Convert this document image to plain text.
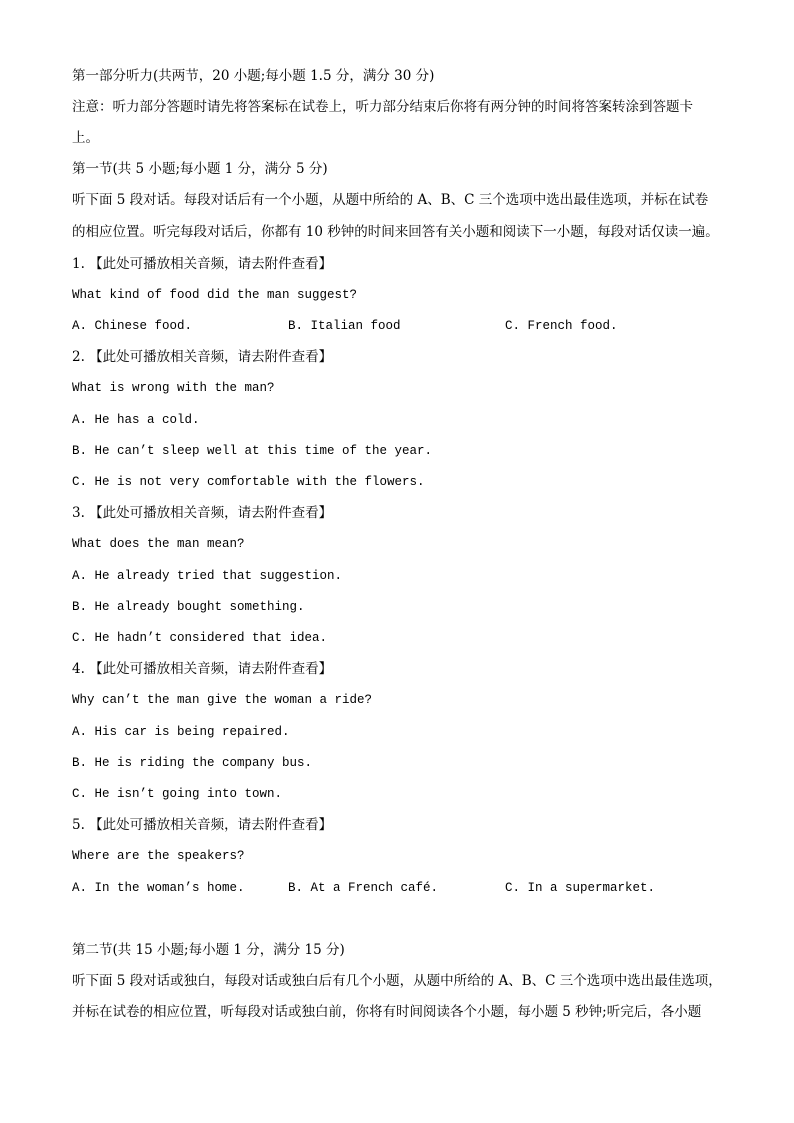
第一部分听力(共两节，20 小题;每小题 1.5 分，满分 30 分)
注意：听力部分答题时请先将答案标在试卷上，听力部分结束后你将有两分钟的时间将答案转涂到答题卡
上。
第一节(共 5 小题;每小题 1 分，满分 5 分)
听下面 5 段对话。每段对话后有一个小题，从题中所给的 A、B、C 三个选项中选出最佳选项，并标在试卷
的相应位置。听完每段对话后，你都有 10 秒钟的时间来回答有关小题和阅读下一小题，每段对话仅读一遍。
1. 【此处可播放相关音频，请去附件查看】
What kind of food did the man suggest?
A. Chinese food.	B. Italian food	C. French food.
2. 【此处可播放相关音频，请去附件查看】
What is wrong with the man?
A. He has a cold.
B. He can’t sleep well at this time of the year.
C. He is not very comfortable with the flowers.
3. 【此处可播放相关音频，请去附件查看】
What does the man mean?
A. He already tried that suggestion.
B. He already bought something.
C. He hadn’t considered that idea.
4. 【此处可播放相关音频，请去附件查看】
Why can’t the man give the woman a ride?
A. His car is being repaired.
B. He is riding the company bus.
C. He isn’t going into town.
5. 【此处可播放相关音频，请去附件查看】
Where are the speakers?
A. In the woman’s home.	B. At a French café.	C. In a supermarket.
第二节(共 15 小题;每小题 1 分，满分 15 分)
听下面 5 段对话或独白，每段对话或独白后有几个小题，从题中所给的 A、B、C 三个选项中选出最佳选项，
并标在试卷的相应位置，听每段对话或独白前，你将有时间阅读各个小题，每小题 5 秒钟;听完后，各小题
